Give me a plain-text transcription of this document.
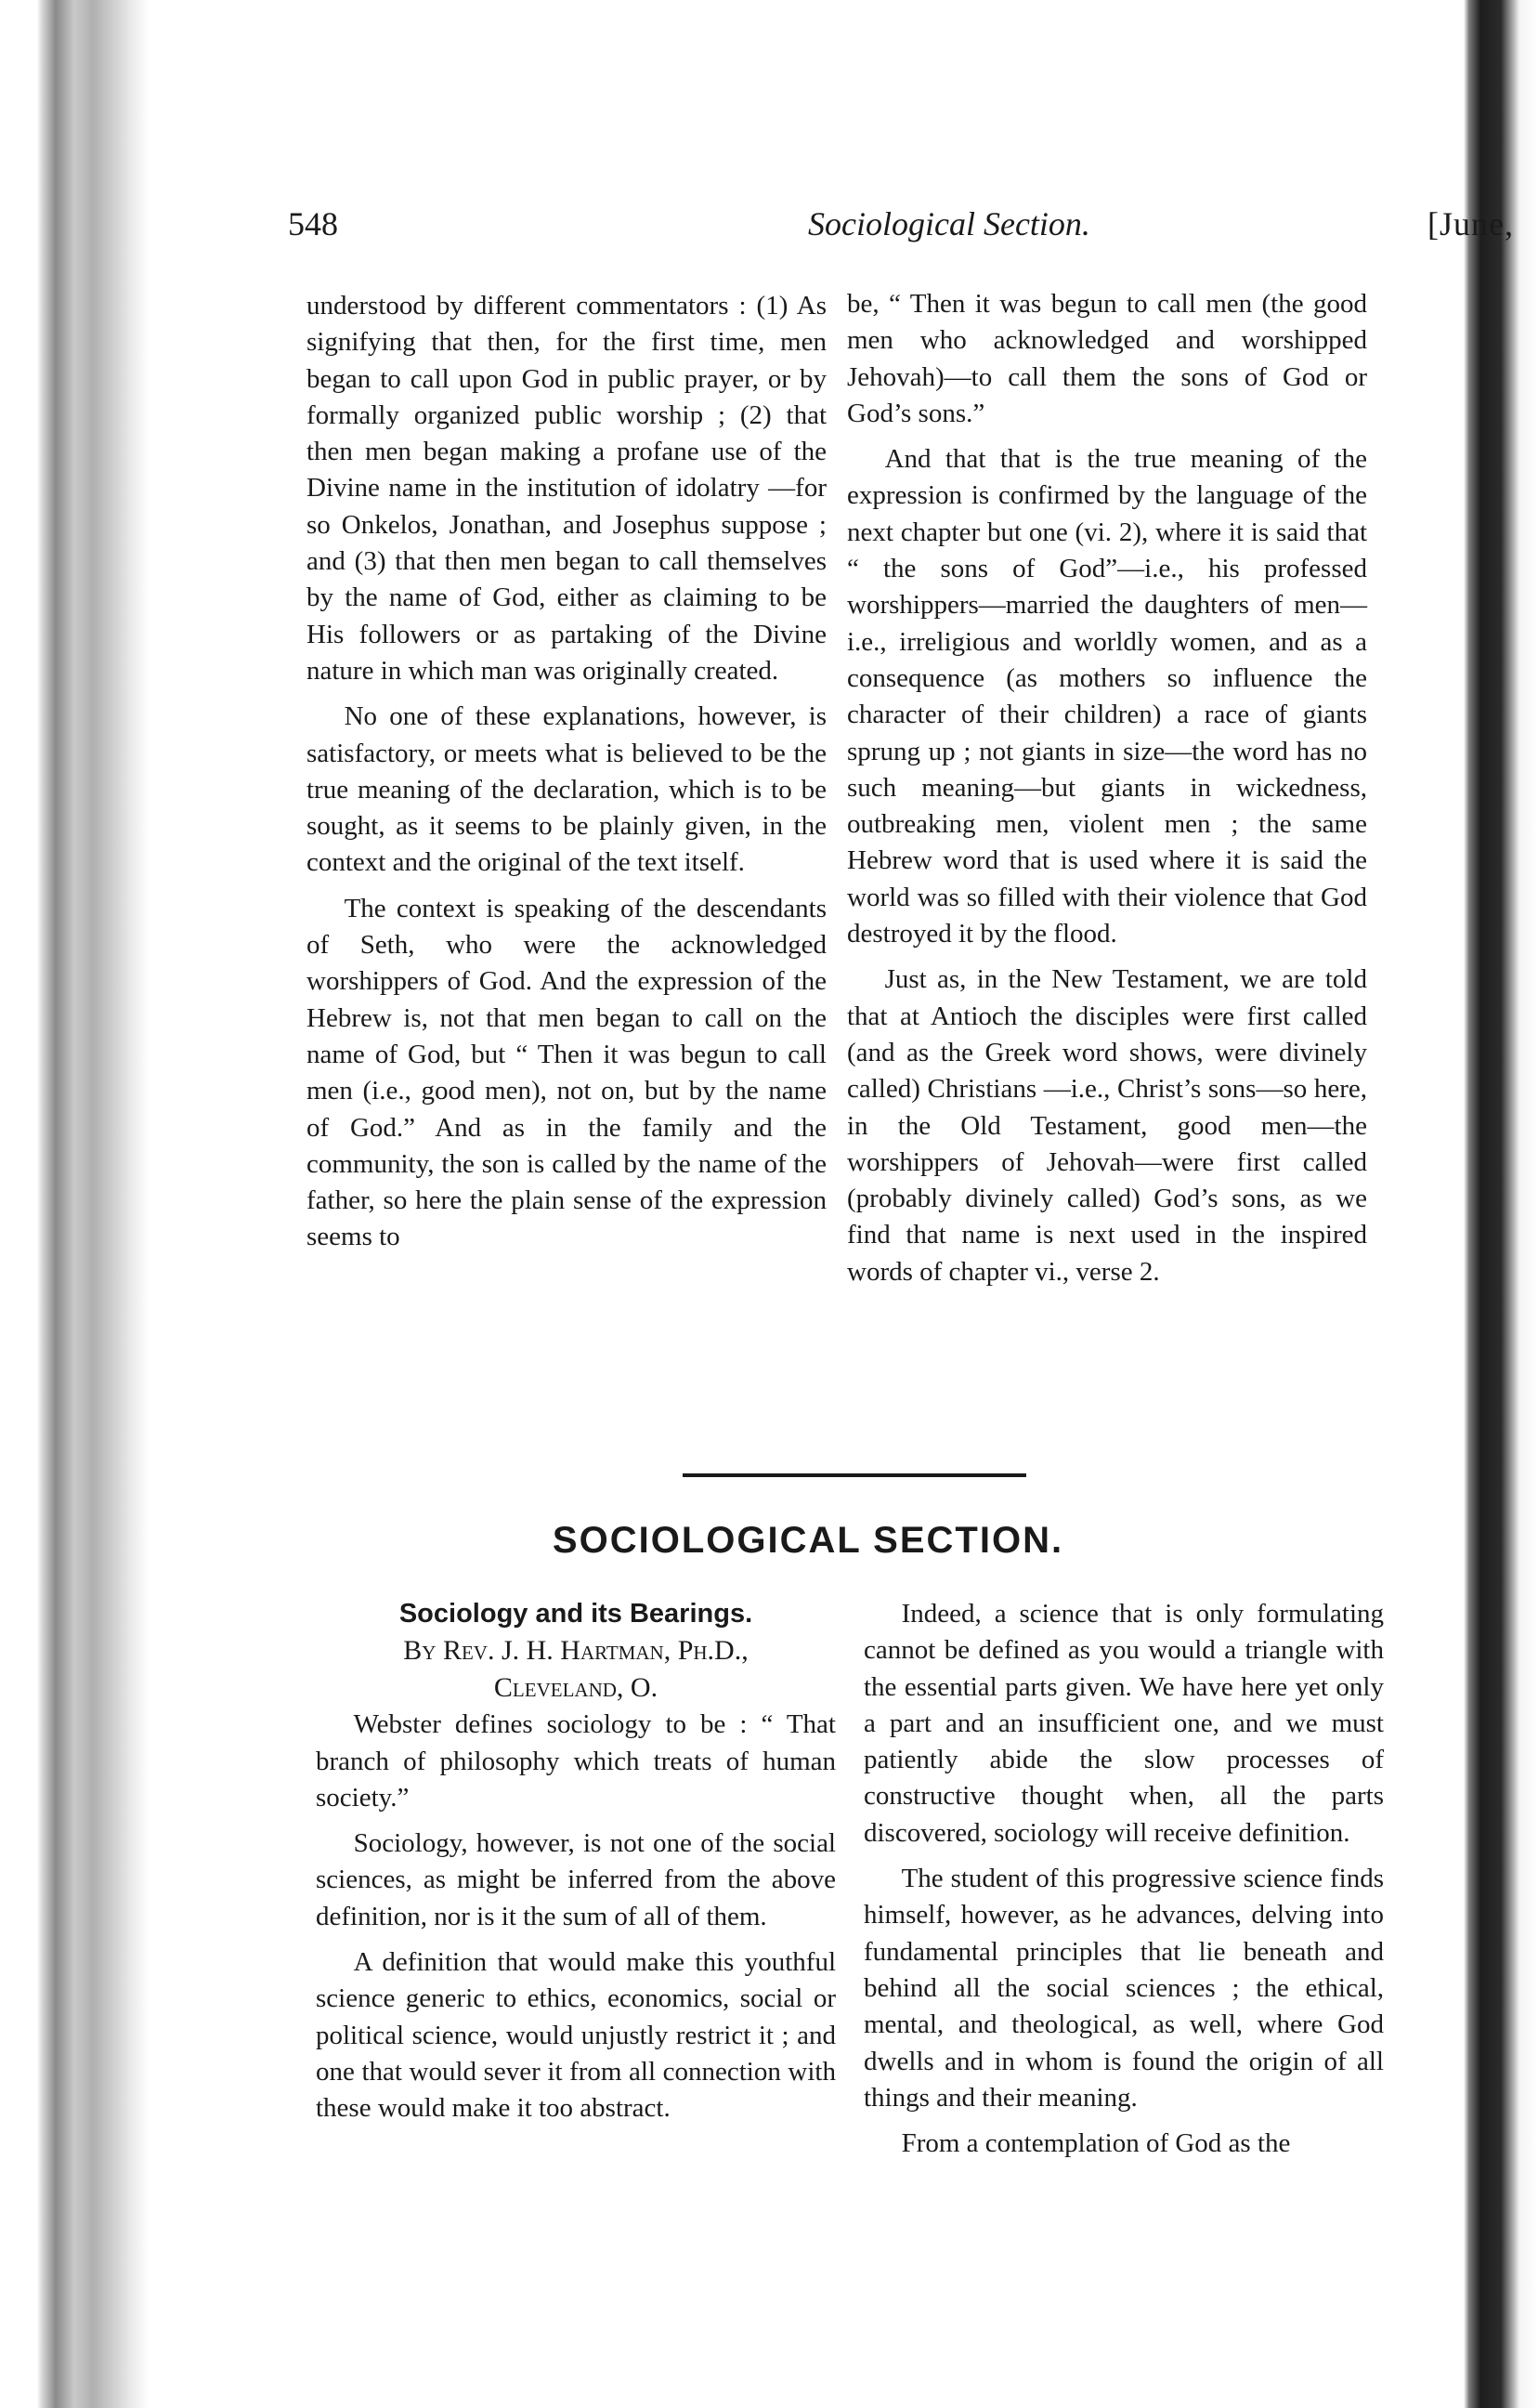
548	Sociological Section.	[June,

understood by different commentators : (1) As signifying that then, for the first time, men began to call upon God in public prayer, or by formally organized public worship ; (2) that then men began making a profane use of the Divine name in the institution of idolatry —for so Onkelos, Jonathan, and Josephus suppose ; and (3) that then men began to call themselves by the name of God, either as claiming to be His followers or as partaking of the Divine nature in which man was originally created.

No one of these explanations, however, is satisfactory, or meets what is believed to be the true meaning of the declaration, which is to be sought, as it seems to be plainly given, in the context and the original of the text itself.

The context is speaking of the descendants of Seth, who were the acknowledged worshippers of God. And the expression of the Hebrew is, not that men began to call on the name of God, but “ Then it was begun to call men (i.e., good men), not on, but by the name of God.” And as in the family and the community, the son is called by the name of the father, so here the plain sense of the expression seems to

be, “ Then it was begun to call men (the good men who acknowledged and worshipped Jehovah)—to call them the sons of God or God’s sons.”

And that that is the true meaning of the expression is confirmed by the language of the next chapter but one (vi. 2), where it is said that “ the sons of God”—i.e., his professed worshippers—married the daughters of men—i.e., irreligious and worldly women, and as a consequence (as mothers so influence the character of their children) a race of giants sprung up ; not giants in size—the word has no such meaning—but giants in wickedness, outbreaking men, violent men ; the same Hebrew word that is used where it is said the world was so filled with their violence that God destroyed it by the flood.

Just as, in the New Testament, we are told that at Antioch the disciples were first called (and as the Greek word shows, were divinely called) Christians —i.e., Christ’s sons—so here, in the Old Testament, good men—the worshippers of Jehovah—were first called (probably divinely called) God’s sons, as we find that name is next used in the inspired words of chapter vi., verse 2.

SOCIOLOGICAL SECTION.

Sociology and its Bearings.

By Rev. J. H. Hartman, Ph.D.,

Cleveland, O.

Webster defines sociology to be : “ That branch of philosophy which treats of human society.”

Sociology, however, is not one of the social sciences, as might be inferred from the above definition, nor is it the sum of all of them.

A definition that would make this youthful science generic to ethics, economics, social or political science, would unjustly restrict it ; and one that would sever it from all connection with these would make it too abstract.

Indeed, a science that is only formulating cannot be defined as you would a triangle with the essential parts given. We have here yet only a part and an insufficient one, and we must patiently abide the slow processes of constructive thought when, all the parts discovered, sociology will receive definition.

The student of this progressive science finds himself, however, as he advances, delving into fundamental principles that lie beneath and behind all the social sciences ; the ethical, mental, and theological, as well, where God dwells and in whom is found the origin of all things and their meaning.

From a contemplation of God as the
